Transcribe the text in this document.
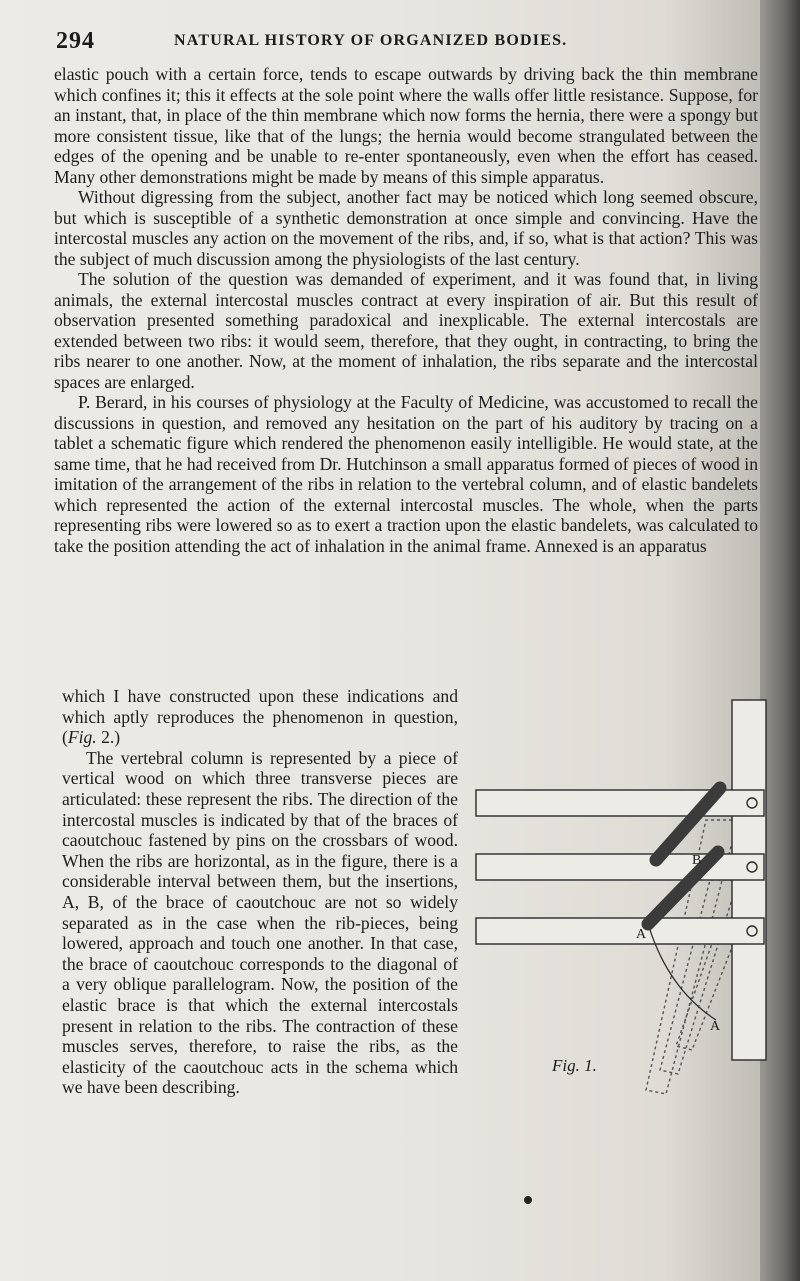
294	NATURAL HISTORY OF ORGANIZED BODIES.

elastic pouch with a certain force, tends to escape outwards by driving back the thin membrane which confines it; this it effects at the sole point where the walls offer little resistance. Suppose, for an instant, that, in place of the thin membrane which now forms the hernia, there were a spongy but more consistent tissue, like that of the lungs; the hernia would become strangulated between the edges of the opening and be unable to re-enter spontaneously, even when the effort has ceased. Many other demonstrations might be made by means of this simple apparatus.

Without digressing from the subject, another fact may be noticed which long seemed obscure, but which is susceptible of a synthetic demonstration at once simple and convincing. Have the intercostal muscles any action on the movement of the ribs, and, if so, what is that action? This was the subject of much discussion among the physiologists of the last century.

The solution of the question was demanded of experiment, and it was found that, in living animals, the external intercostal muscles contract at every inspiration of air. But this result of observation presented something paradoxical and inexplicable. The external intercostals are extended between two ribs: it would seem, therefore, that they ought, in contracting, to bring the ribs nearer to one another. Now, at the moment of inhalation, the ribs separate and the intercostal spaces are enlarged.

P. Berard, in his courses of physiology at the Faculty of Medicine, was accustomed to recall the discussions in question, and removed any hesitation on the part of his auditory by tracing on a tablet a schematic figure which rendered the phenomenon easily intelligible. He would state, at the same time, that he had received from Dr. Hutchinson a small apparatus formed of pieces of wood in imitation of the arrangement of the ribs in relation to the vertebral column, and of elastic bandelets which represented the action of the external intercostal muscles. The whole, when the parts representing ribs were lowered so as to exert a traction upon the elastic bandelets, was calculated to take the position attending the act of inhalation in the animal frame. Annexed is an apparatus

which I have constructed upon these indications and which aptly reproduces the phenomenon in question, (Fig. 2.)

The vertebral column is represented by a piece of vertical wood on which three transverse pieces are articulated: these represent the ribs. The direction of the intercostal muscles is indicated by that of the braces of caoutchouc fastened by pins on the crossbars of wood. When the ribs are horizontal, as in the figure, there is a considerable interval between them, but the insertions, A, B, of the brace of caoutchouc are not so widely separated as in the case when the rib-pieces, being lowered, approach and touch one another. In that case, the brace of caoutchouc corresponds to the diagonal of a very oblique parallelogram. Now, the position of the elastic brace is that which the external intercostals present in relation to the ribs. The contraction of these muscles serves, therefore, to raise the ribs, as the elasticity of the caoutchouc acts in the schema which we have been describing.

B
A
A
Fig. 1.
